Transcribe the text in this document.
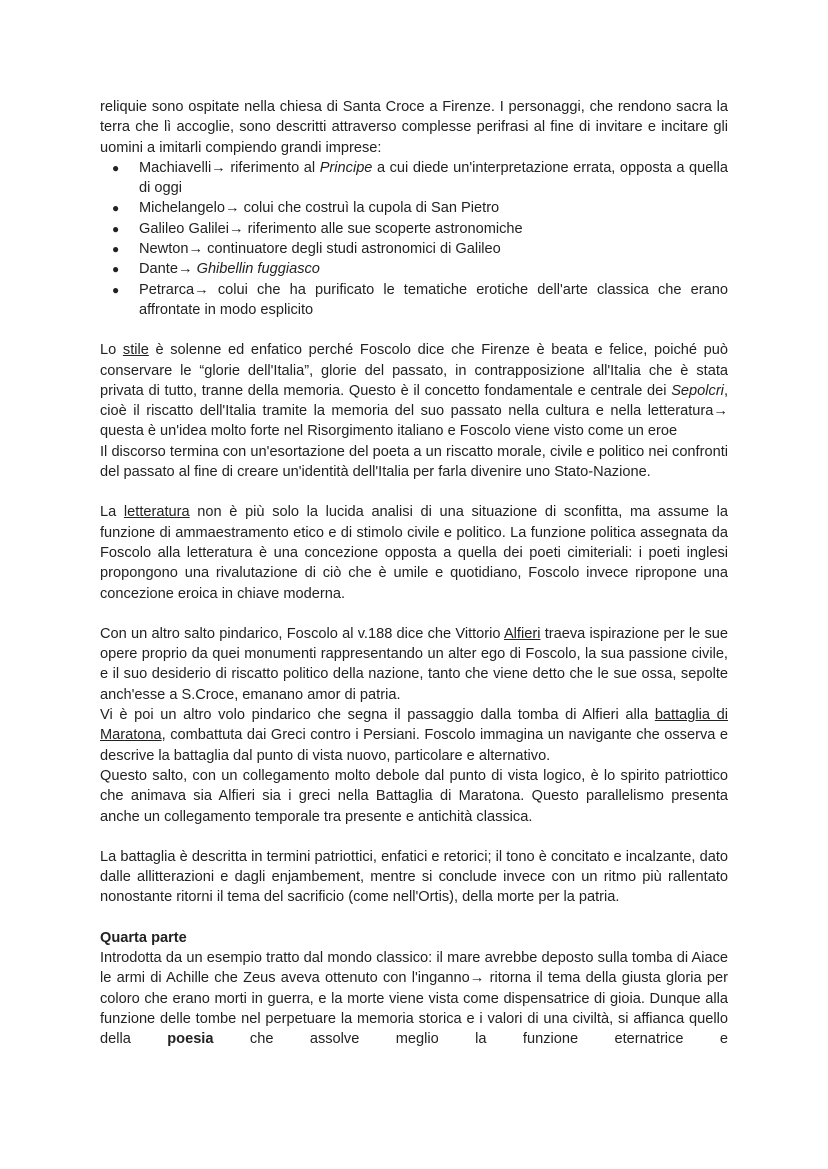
reliquie sono ospitate nella chiesa di Santa Croce a Firenze. I personaggi, che rendono sacra la terra che lì accoglie, sono descritti attraverso complesse perifrasi al fine di invitare e incitare gli uomini a imitarli compiendo grandi imprese:

● Machiavelli→ riferimento al Principe a cui diede un'interpretazione errata, opposta a quella di oggi
● Michelangelo→ colui che costruì la cupola di San Pietro
● Galileo Galilei→ riferimento alle sue scoperte astronomiche
● Newton→ continuatore degli studi astronomici di Galileo
● Dante→ Ghibellin fuggiasco
● Petrarca→ colui che ha purificato le tematiche erotiche dell'arte classica che erano affrontate in modo esplicito

Lo stile è solenne ed enfatico perché Foscolo dice che Firenze è beata e felice, poiché può conservare le “glorie dell'Italia”, glorie del passato, in contrapposizione all'Italia che è stata privata di tutto, tranne della memoria. Questo è il concetto fondamentale e centrale dei Sepolcri, cioè il riscatto dell'Italia tramite la memoria del suo passato nella cultura e nella letteratura→ questa è un'idea molto forte nel Risorgimento italiano e Foscolo viene visto come un eroe

Il discorso termina con un'esortazione del poeta a un riscatto morale, civile e politico nei confronti del passato al fine di creare un'identità dell'Italia per farla divenire uno Stato-Nazione.

La letteratura non è più solo la lucida analisi di una situazione di sconfitta, ma assume la funzione di ammaestramento etico e di stimolo civile e politico. La funzione politica assegnata da Foscolo alla letteratura è una concezione opposta a quella dei poeti cimiteriali: i poeti inglesi propongono una rivalutazione di ciò che è umile e quotidiano, Foscolo invece ripropone una concezione eroica in chiave moderna.

Con un altro salto pindarico, Foscolo al v.188 dice che Vittorio Alfieri traeva ispirazione per le sue opere proprio da quei monumenti rappresentando un alter ego di Foscolo, la sua passione civile, e il suo desiderio di riscatto politico della nazione, tanto che viene detto che le sue ossa, sepolte anch'esse a S.Croce, emanano amor di patria.

Vi è poi un altro volo pindarico che segna il passaggio dalla tomba di Alfieri alla battaglia di Maratona, combattuta dai Greci contro i Persiani. Foscolo immagina un navigante che osserva e descrive la battaglia dal punto di vista nuovo, particolare e alternativo.

Questo salto, con un collegamento molto debole dal punto di vista logico, è lo spirito patriottico che animava sia Alfieri sia i greci nella Battaglia di Maratona. Questo parallelismo presenta anche un collegamento temporale tra presente e antichità classica.

La battaglia è descritta in termini patriottici, enfatici e retorici; il tono è concitato e incalzante, dato dalle allitterazioni e dagli enjambement, mentre si conclude invece con un ritmo più rallentato nonostante ritorni il tema del sacrificio (come nell'Ortis), della morte per la patria.

Quarta parte

Introdotta da un esempio tratto dal mondo classico: il mare avrebbe deposto sulla tomba di Aiace le armi di Achille che Zeus aveva ottenuto con l'inganno→ ritorna il tema della giusta gloria per coloro che erano morti in guerra, e la morte viene vista come dispensatrice di gioia. Dunque alla funzione delle tombe nel perpetuare la memoria storica e i valori di una civiltà, si affianca quello della poesia che assolve meglio la funzione eternatrice e
